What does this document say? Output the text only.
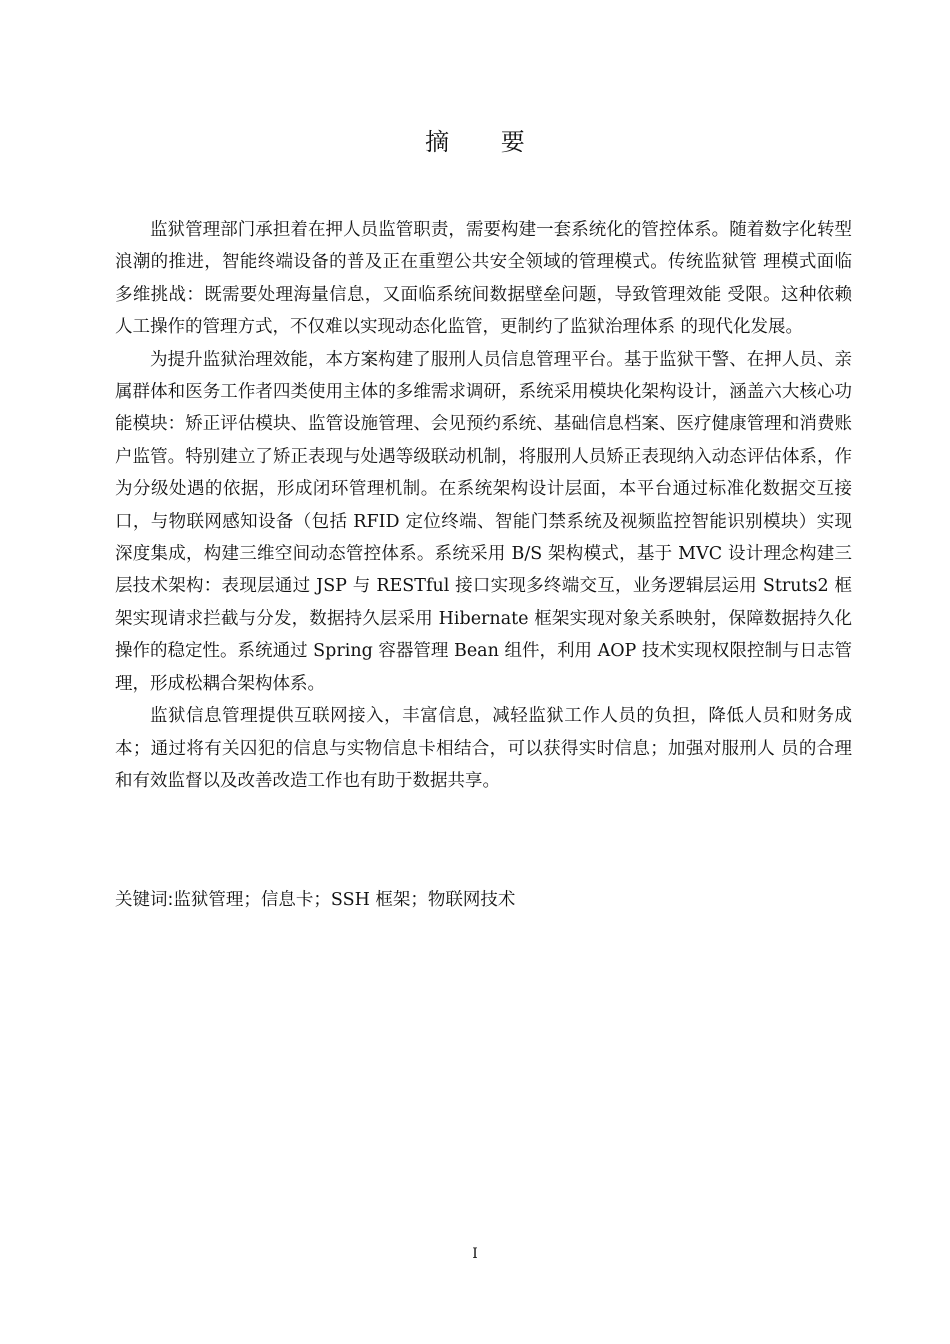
摘 要

监狱管理部门承担着在押人员监管职责，需要构建一套系统化的管控体系。随着数字化转型浪潮的推进，智能终端设备的普及正在重塑公共安全领域的管理模式。传统监狱管 理模式面临多维挑战：既需要处理海量信息，又面临系统间数据壁垒问题，导致管理效能 受限。这种依赖人工操作的管理方式，不仅难以实现动态化监管，更制约了监狱治理体系 的现代化发展。

为提升监狱治理效能，本方案构建了服刑人员信息管理平台。基于监狱干警、在押人员、亲属群体和医务工作者四类使用主体的多维需求调研，系统采用模块化架构设计，涵盖六大核心功能模块：矫正评估模块、监管设施管理、会见预约系统、基础信息档案、医疗健康管理和消费账户监管。特别建立了矫正表现与处遇等级联动机制，将服刑人员矫正表现纳入动态评估体系，作为分级处遇的依据，形成闭环管理机制。在系统架构设计层面，本平台通过标准化数据交互接口，与物联网感知设备（包括 RFID 定位终端、智能门禁系统及视频监控智能识别模块）实现深度集成，构建三维空间动态管控体系。系统采用 B/S 架构模式，基于 MVC 设计理念构建三层技术架构：表现层通过 JSP 与 RESTful 接口实现多终端交互，业务逻辑层运用 Struts2 框架实现请求拦截与分发，数据持久层采用 Hibernate 框架实现对象关系映射，保障数据持久化操作的稳定性。系统通过 Spring 容器管理 Bean 组件，利用 AOP 技术实现权限控制与日志管理，形成松耦合架构体系。

监狱信息管理提供互联网接入，丰富信息，减轻监狱工作人员的负担，降低人员和财务成本；通过将有关囚犯的信息与实物信息卡相结合，可以获得实时信息；加强对服刑人 员的合理和有效监督以及改善改造工作也有助于数据共享。

关键词:监狱管理；信息卡；SSH 框架；物联网技术
I
